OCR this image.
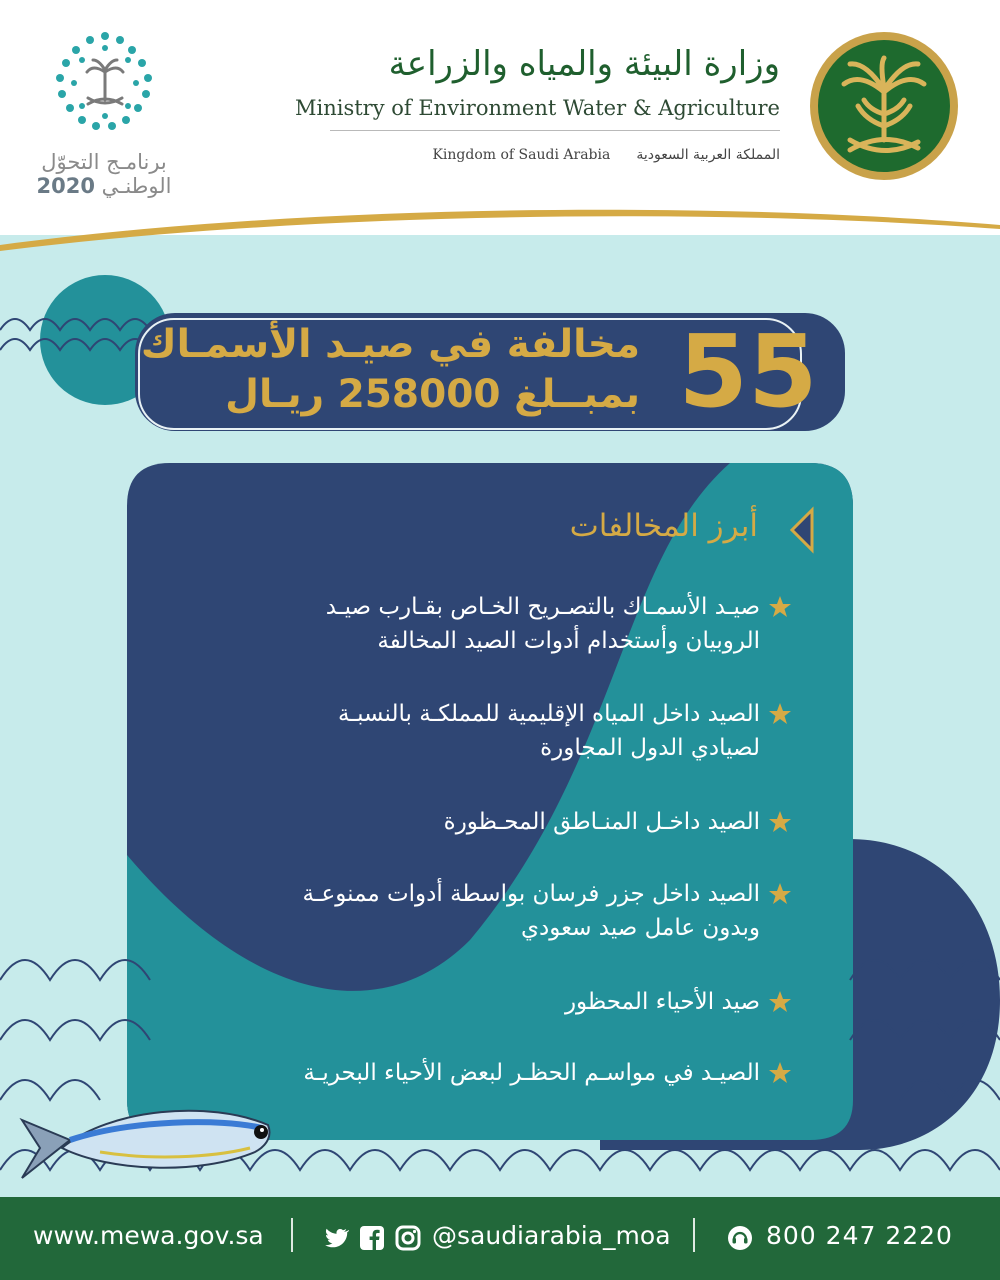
وزارة البيئة والمياه والزراعة
Ministry of Environment Water & Agriculture
Kingdom of Saudi Arabia المملكة العربية السعودية
برنامـج التحوّل
الوطنـي 2020
55
مخالفة في صيـد الأسمـاك
بمبــلغ 258000 ريـال
أبرز المخالفات
صيـد الأسمـاك بالتصـريح الخـاص بقـارب صيـد
الروبيان وأستخدام أدوات الصيد المخالفة
الصيد داخل المياه الإقليمية للمملكـة بالنسبـة
لصيادي الدول المجاورة
الصيد داخـل المنـاطق المحـظورة
الصيد داخل جزر فرسان بواسطة أدوات ممنوعـة
وبدون عامل صيد سعودي
صيد الأحياء المحظور
الصيـد في مواسـم الحظـر لبعض الأحياء البحريـة
www.mewa.gov.sa	@saudiarabia_moa	800 247 2220
